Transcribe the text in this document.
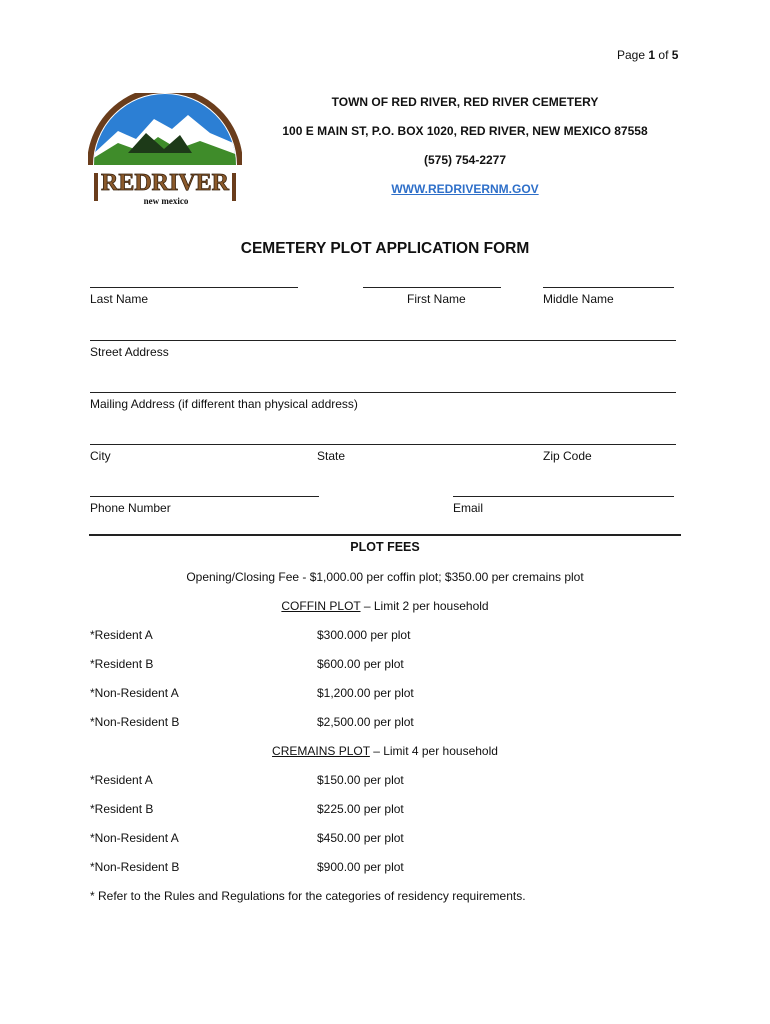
Page 1 of 5
REDRIVER
new mexico
TOWN OF RED RIVER, RED RIVER CEMETERY
100 E MAIN ST, P.O. BOX 1020, RED RIVER, NEW MEXICO 87558
(575) 754-2277
WWW.REDRIVERNM.GOV
CEMETERY PLOT APPLICATION FORM
Last Name	First Name	Middle Name
Street Address
Mailing Address (if different than physical address)
City	State	Zip Code
Phone Number	Email
PLOT FEES
Opening/Closing Fee - $1,000.00 per coffin plot; $350.00 per cremains plot
COFFIN PLOT – Limit 2 per household
*Resident A	$300.000 per plot
*Resident B	$600.00 per plot
*Non-Resident A	$1,200.00 per plot
*Non-Resident B	$2,500.00 per plot
CREMAINS PLOT – Limit 4 per household
*Resident A	$150.00 per plot
*Resident B	$225.00 per plot
*Non-Resident A	$450.00 per plot
*Non-Resident B	$900.00 per plot
* Refer to the Rules and Regulations for the categories of residency requirements.
